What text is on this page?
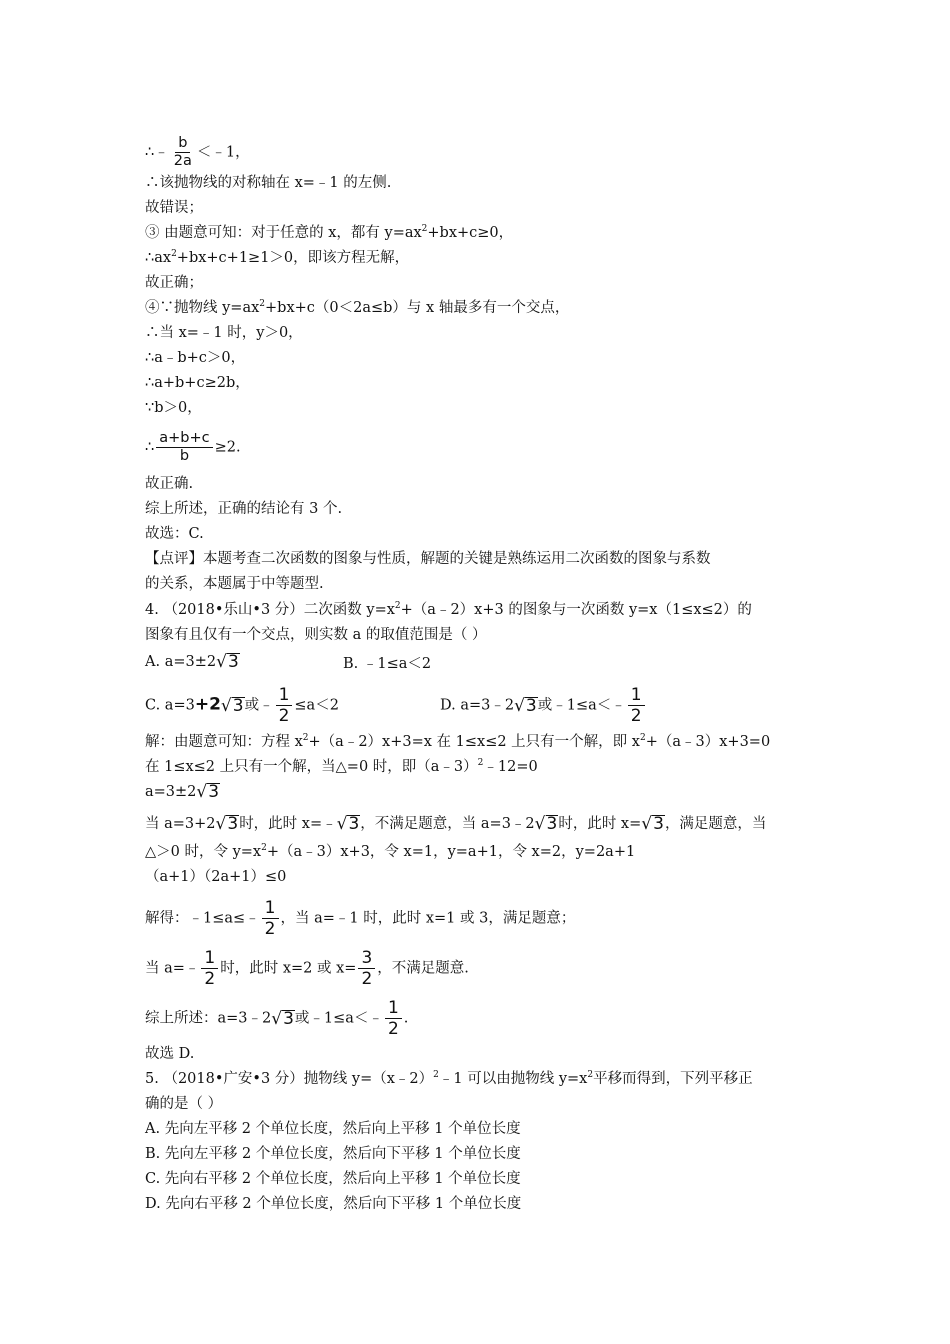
∴﹣ $\frac{b}{2a}$ ＜﹣1，
∴该抛物线的对称轴在 x=﹣1 的左侧.
故错误；
③ 由题意可知：对于任意的 x，都有 $y=ax^2+bx+c\ge 0$，
$\therefore ax^2+bx+c+1\ge 1>0$，即该方程无解，
故正确；
④∵抛物线 $y=ax^2+bx+c(0<2a\le b)$与 x 轴最多有一个交点，
∴当 x=﹣1 时，y＞0，
∴a﹣b+c＞0，
∴a+b+c≥2b，
∵b＞0，
∴ $\frac{a+b+c}{b} \ge 2$.
故正确.
综上所述，正确的结论有 3 个.
故选：C.
【点评】本题考查二次函数的图象与性质，解题的关键是熟练运用二次函数的图象与系数
的关系，本题属于中等题型.
4. （2018•乐山•3 分）二次函数 $y=x^2+(a﹣2)x+3$ 的图象与一次函数 y=x（1≤x≤2）的
图象有且仅有一个交点，则实数 a 的取值范围是（ ）
A. a=3±2 √ 3	B. ﹣1≤a＜2
C. a=3+2 √ 3 或﹣ $\frac{1}{2} \le a<2$	D. a=3﹣2 √ 3 或﹣1≤a＜﹣ $\frac{1}{2}$
解：由题意可知：方程 $x^2+(a﹣2)x+3=x$ 在 1≤x≤2 上只有一个解，即 $x^2+(a﹣3)x+3=0$
在 1≤x≤2 上只有一个解，当△=0 时，即（a﹣3）$^2$﹣12=0
a=3±2 √ 3
当 a=3+2 √ 3 时，此时 x=﹣ √ 3 ，不满足题意，当 a=3﹣2 √ 3 时，此时 x= √ 3 ，满足题意，当
△＞0 时，令 $y=x^2+(a﹣3)x+3$，令 x=1，y=a+1，令 x=2，y=2a+1
（a+1）（2a+1）≤0
解得：﹣1≤a≤﹣ $\frac{1}{2}$ ，当 a=﹣1 时，此时 x=1 或 3，满足题意；
当 a=﹣ $\frac{1}{2}$ 时，此时 x=2 或 $x= \frac{3}{2}$ ，不满足题意.
综上所述：a=3﹣2 √ 3 或﹣1≤a＜﹣ $\frac{1}{2}$ .
故选 D.
5. （2018•广安•3 分）抛物线 y=（x﹣2）$^2$﹣1 可以由抛物线 $y=x^2$平移而得到，下列平移正
确的是（ ）
A. 先向左平移 2 个单位长度，然后向上平移 1 个单位长度
B. 先向左平移 2 个单位长度，然后向下平移 1 个单位长度
C. 先向右平移 2 个单位长度，然后向上平移 1 个单位长度
D. 先向右平移 2 个单位长度，然后向下平移 1 个单位长度
